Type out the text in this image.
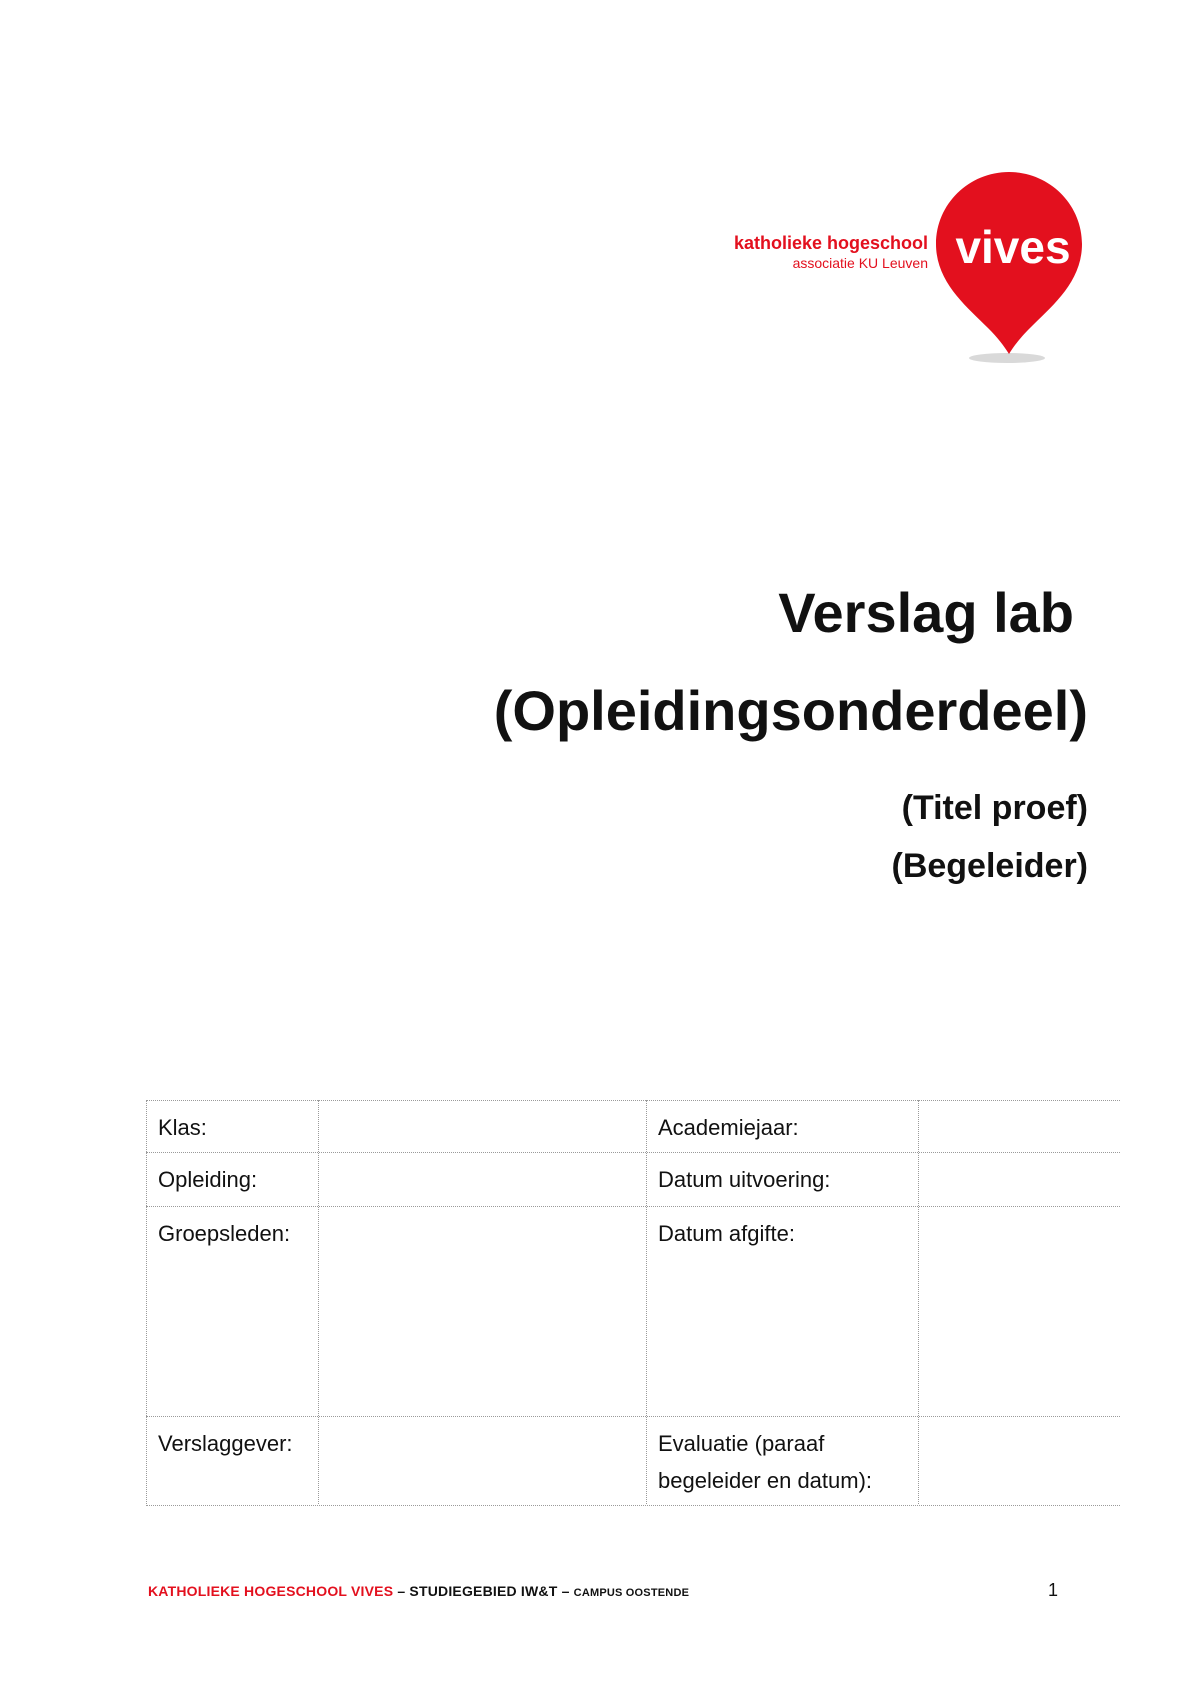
katholieke hogeschool
associatie KU Leuven vives
Verslag lab
(Opleidingsonderdeel)
(Titel proef)
(Begeleider)
Klas:	Academiejaar:
Opleiding:	Datum uitvoering:
Groepsleden:	Datum afgifte:
Verslaggever:	Evaluatie (paraaf begeleider en datum):
KATHOLIEKE HOGESCHOOL VIVES – STUDIEGEBIED IW&T – CAMPUS OOSTENDE	1
